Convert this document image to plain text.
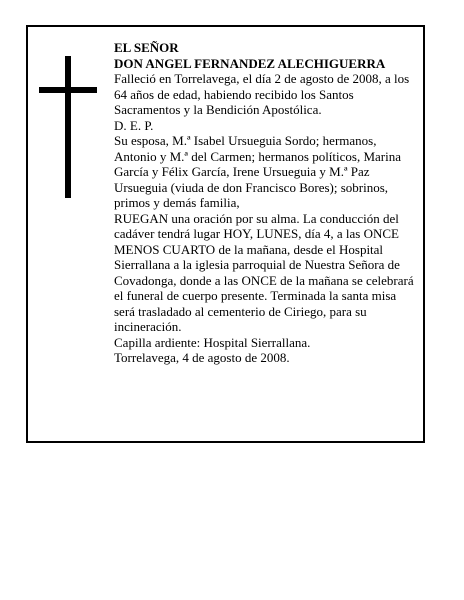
EL SEÑOR

DON ANGEL FERNANDEZ ALECHIGUERRA

Falleció en Torrelavega, el día 2 de agosto de 2008, a los 64 años de edad, habiendo recibido los Santos Sacramentos y la Bendición Apostólica.

D. E. P.

Su esposa, M.ª Isabel Ursueguia Sordo; hermanos, Antonio y M.ª del Carmen; hermanos políticos, Marina García y Félix García, Irene Ursueguia y M.ª Paz Ursueguia (viuda de don Francisco Bores); sobrinos, primos y demás familia,

RUEGAN una oración por su alma. La conducción del cadáver tendrá lugar HOY, LUNES, día 4, a las ONCE MENOS CUARTO de la mañana, desde el Hospital Sierrallana a la iglesia parroquial de Nuestra Señora de Covadonga, donde a las ONCE de la mañana se celebrará el funeral de cuerpo presente. Terminada la santa misa será trasladado al cementerio de Ciriego, para su incineración.

Capilla ardiente: Hospital Sierrallana.

Torrelavega, 4 de agosto de 2008.
